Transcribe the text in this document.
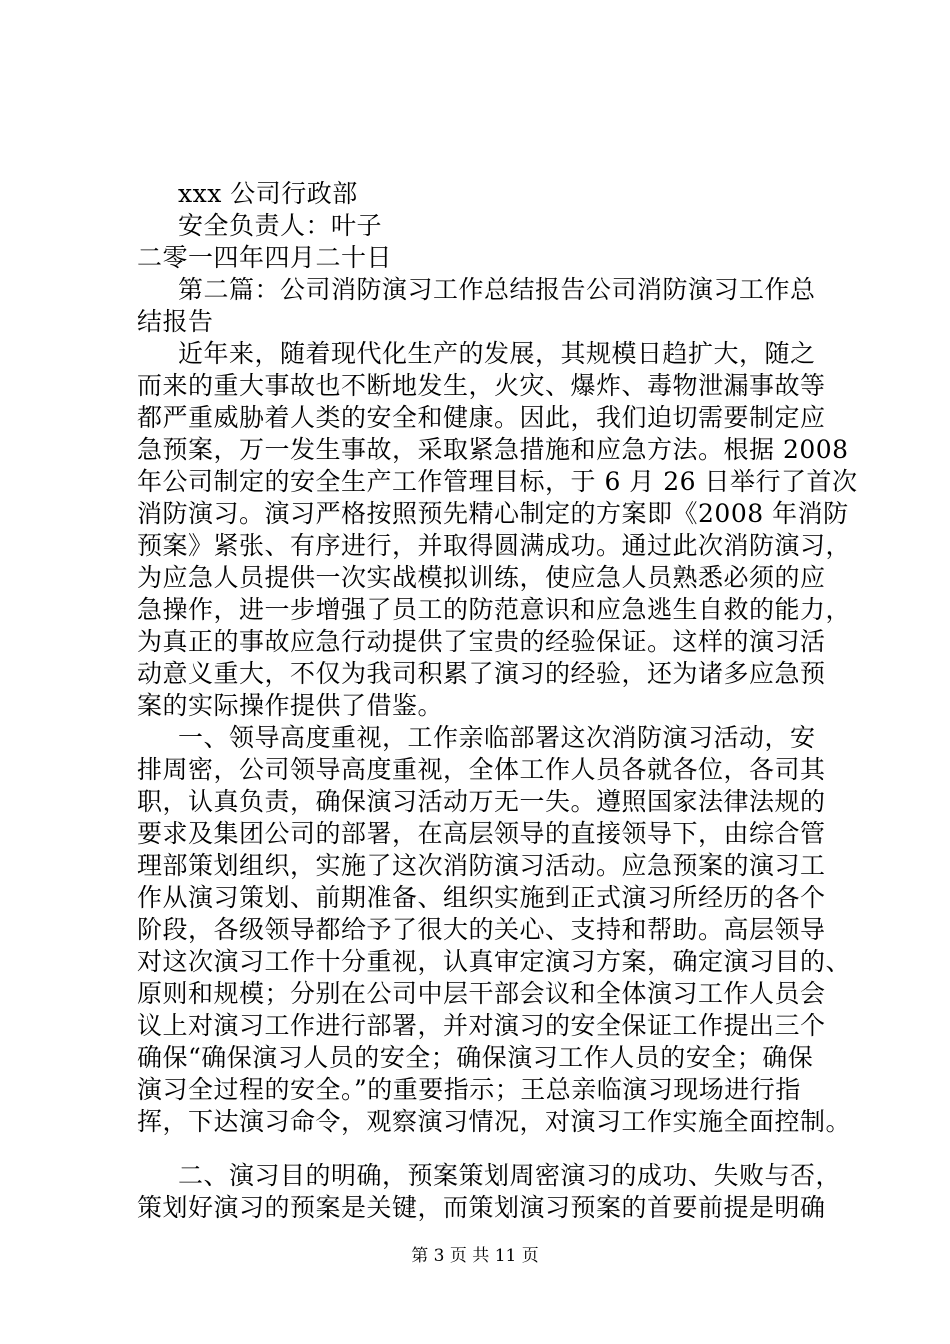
xxx 公司行政部
安全负责人：叶子
二零一四年四月二十日
第二篇：公司消防演习工作总结报告公司消防演习工作总
结报告
近年来，随着现代化生产的发展，其规模日趋扩大，随之
而来的重大事故也不断地发生，火灾、爆炸、毒物泄漏事故等
都严重威胁着人类的安全和健康。因此，我们迫切需要制定应
急预案，万一发生事故，采取紧急措施和应急方法。根据 2008
年公司制定的安全生产工作管理目标，于 6 月 26 日举行了首次
消防演习。演习严格按照预先精心制定的方案即《2008 年消防
预案》紧张、有序进行，并取得圆满成功。通过此次消防演习，
为应急人员提供一次实战模拟训练，使应急人员熟悉必须的应
急操作，进一步增强了员工的防范意识和应急逃生自救的能力，
为真正的事故应急行动提供了宝贵的经验保证。这样的演习活
动意义重大，不仅为我司积累了演习的经验，还为诸多应急预
案的实际操作提供了借鉴。
一、领导高度重视，工作亲临部署这次消防演习活动，安
排周密，公司领导高度重视，全体工作人员各就各位，各司其
职，认真负责，确保演习活动万无一失。遵照国家法律法规的
要求及集团公司的部署，在高层领导的直接领导下，由综合管
理部策划组织，实施了这次消防演习活动。应急预案的演习工
作从演习策划、前期准备、组织实施到正式演习所经历的各个
阶段，各级领导都给予了很大的关心、支持和帮助。高层领导
对这次演习工作十分重视，认真审定演习方案，确定演习目的、
原则和规模；分别在公司中层干部会议和全体演习工作人员会
议上对演习工作进行部署，并对演习的安全保证工作提出三个
确保“确保演习人员的安全；确保演习工作人员的安全；确保
演习全过程的安全。”的重要指示；王总亲临演习现场进行指
挥，下达演习命令，观察演习情况，对演习工作实施全面控制。
二、演习目的明确，预案策划周密演习的成功、失败与否，
策划好演习的预案是关键，而策划演习预案的首要前提是明确
第 3 页 共 11 页
